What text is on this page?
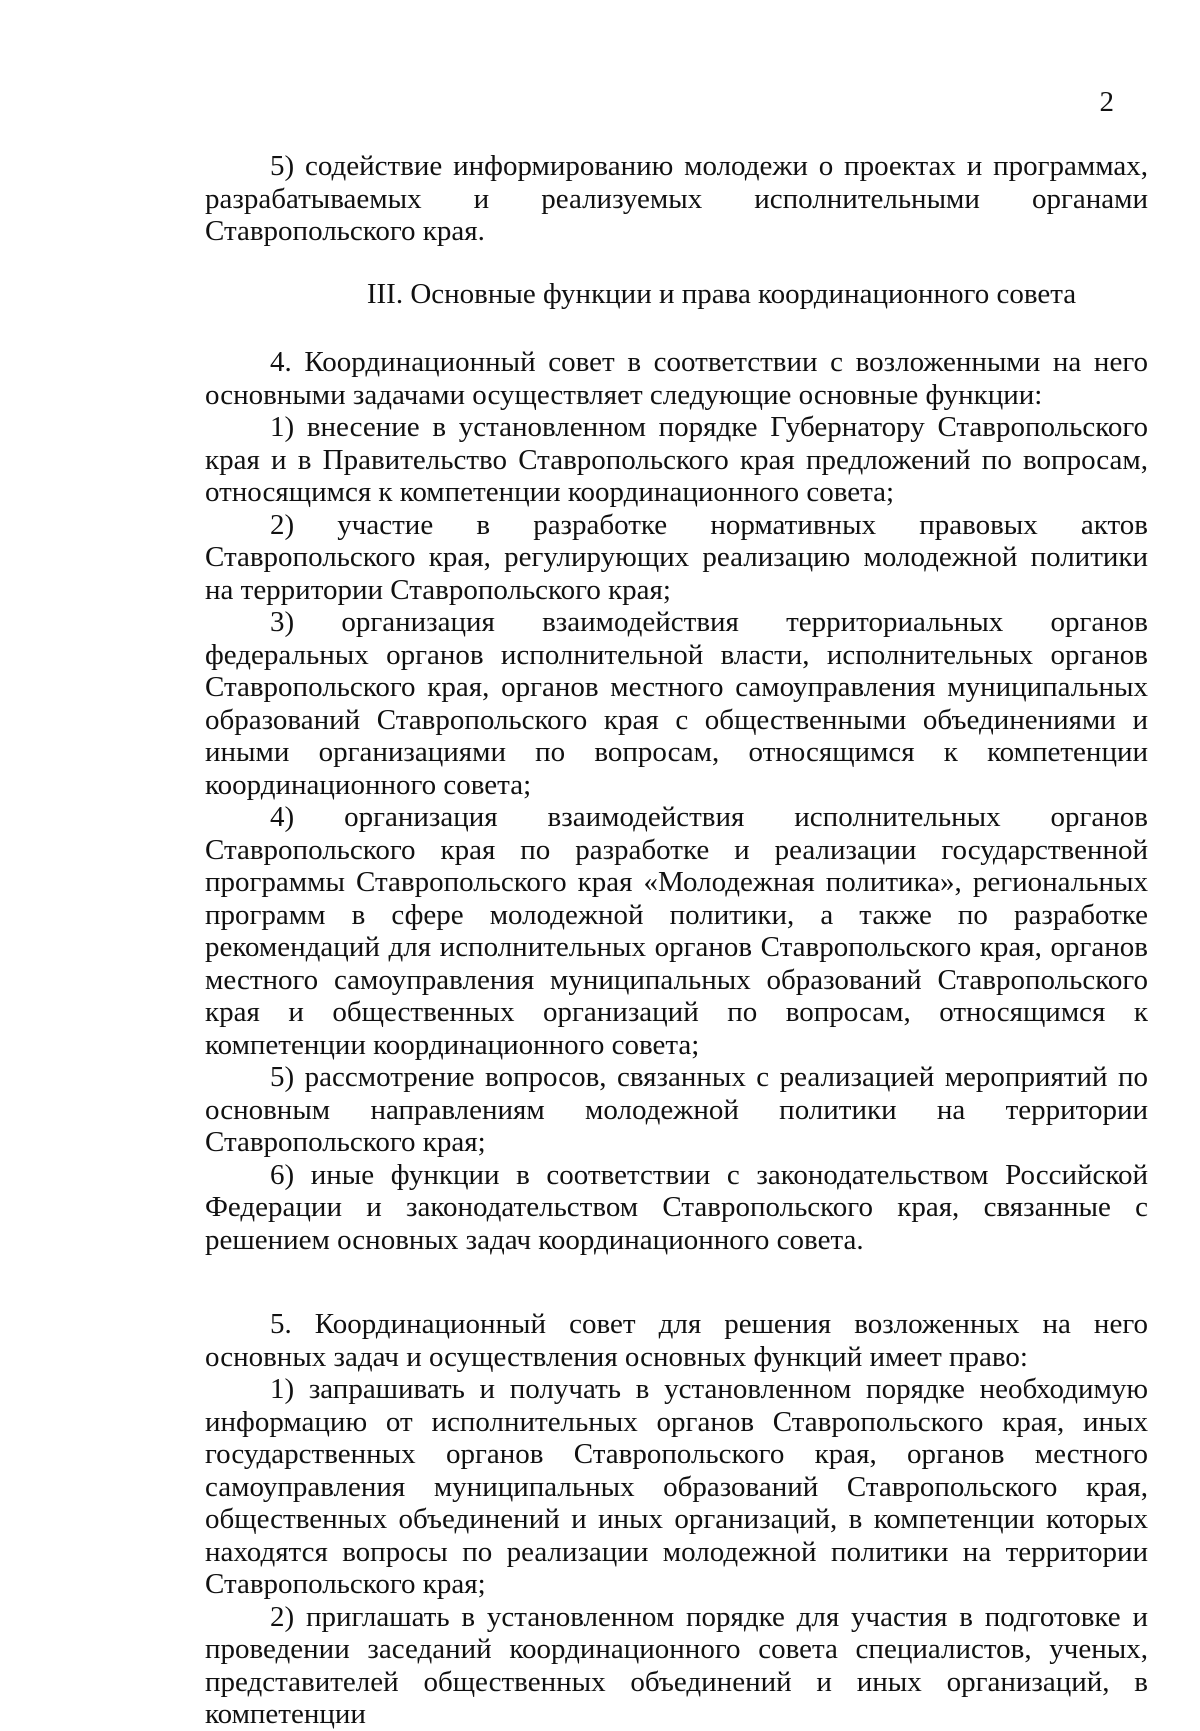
2

5) содействие информированию молодежи о проектах и программах, разрабатываемых и реализуемых исполнительными органами Ставропольского края.

III. Основные функции и права координационного совета

4. Координационный совет в соответствии с возложенными на него основными задачами осуществляет следующие основные функции:

1) внесение в установленном порядке Губернатору Ставропольского края и в Правительство Ставропольского края предложений по вопросам, относящимся к компетенции координационного совета;

2) участие в разработке нормативных правовых актов Ставропольского края, регулирующих реализацию молодежной политики на территории Ставропольского края;

3) организация взаимодействия территориальных органов федеральных органов исполнительной власти, исполнительных органов Ставропольского края, органов местного самоуправления муниципальных образований Ставропольского края с общественными объединениями и иными организациями по вопросам, относящимся к компетенции координационного совета;

4) организация взаимодействия исполнительных органов Ставропольского края по разработке и реализации государственной программы Ставропольского края «Молодежная политика», региональных программ в сфере молодежной политики, а также по разработке рекомендаций для исполнительных органов Ставропольского края, органов местного самоуправления муниципальных образований Ставропольского края и общественных организаций по вопросам, относящимся к компетенции координационного совета;

5) рассмотрение вопросов, связанных с реализацией мероприятий по основным направлениям молодежной политики на территории Ставропольского края;

6) иные функции в соответствии с законодательством Российской Федерации и законодательством Ставропольского края, связанные с решением основных задач координационного совета.

5. Координационный совет для решения возложенных на него основных задач и осуществления основных функций имеет право:

1) запрашивать и получать в установленном порядке необходимую информацию от исполнительных органов Ставропольского края, иных государственных органов Ставропольского края, органов местного самоуправления муниципальных образований Ставропольского края, общественных объединений и иных организаций, в компетенции которых находятся вопросы по реализации молодежной политики на территории Ставропольского края;

2) приглашать в установленном порядке для участия в подготовке и проведении заседаний координационного совета специалистов, ученых, представителей общественных объединений и иных организаций, в компетенции
